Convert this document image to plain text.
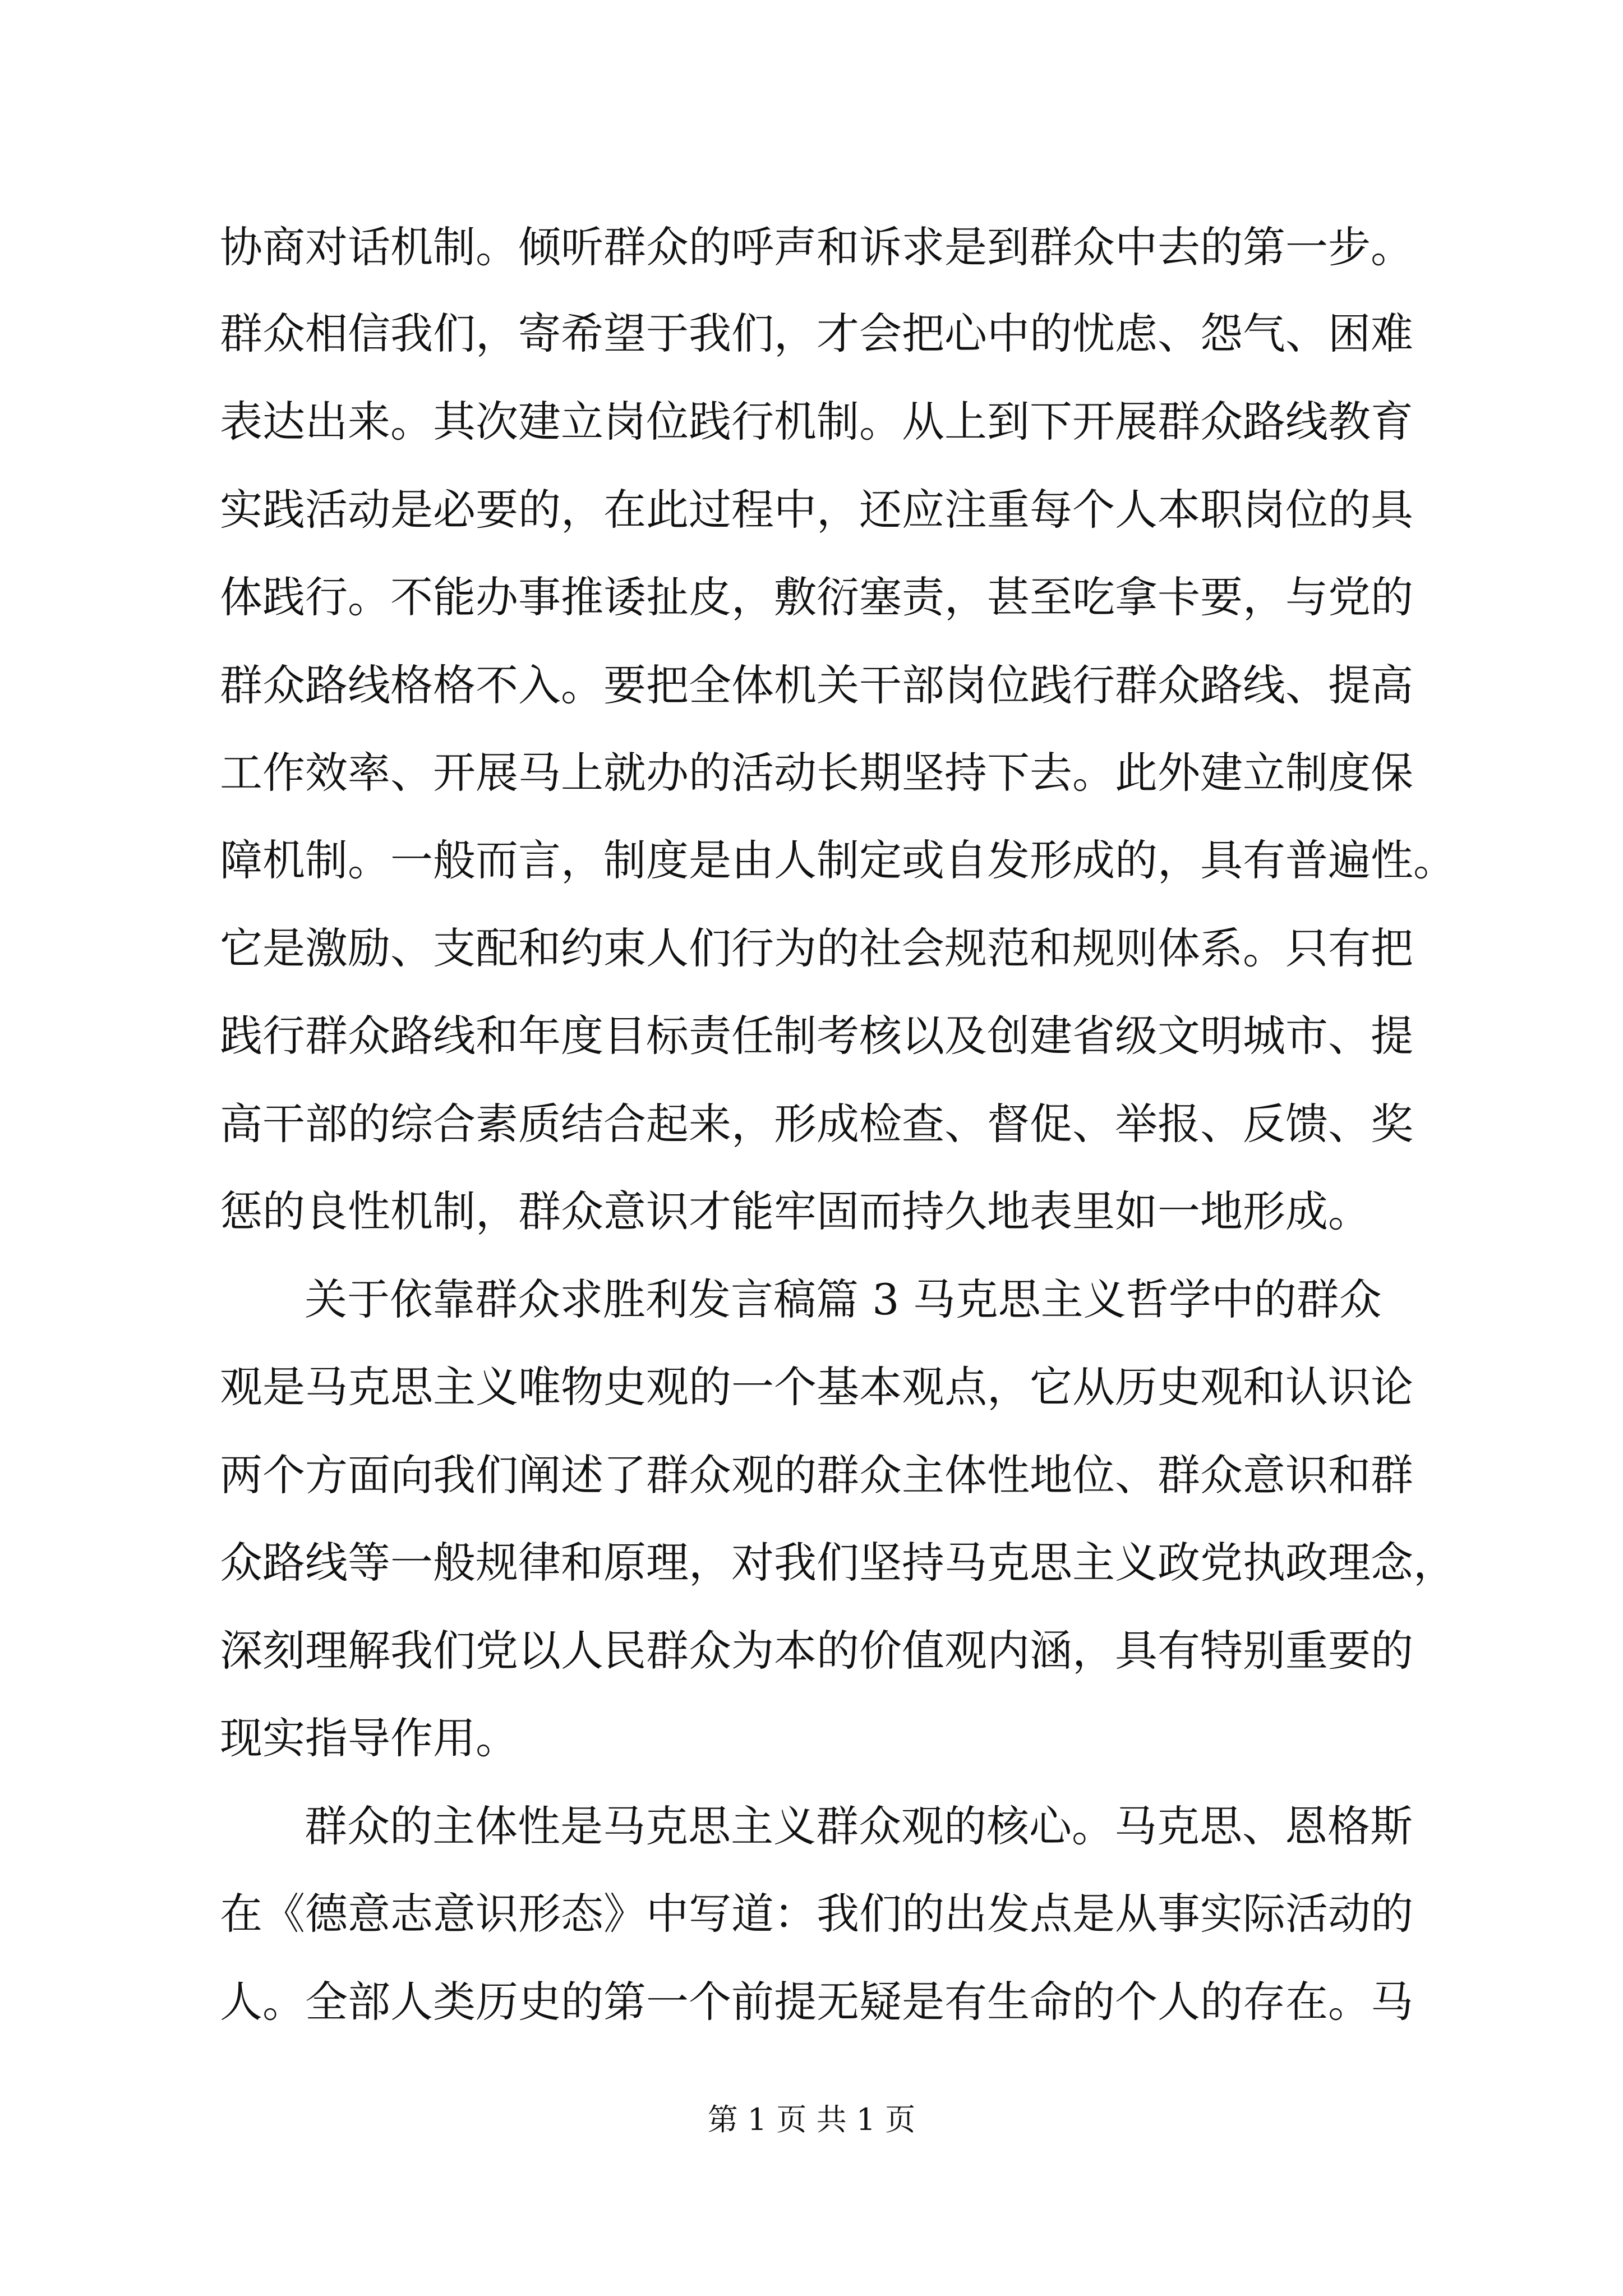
协商对话机制。倾听群众的呼声和诉求是到群众中去的第一步。
群众相信我们，寄希望于我们，才会把心中的忧虑、怨气、困难
表达出来。其次建立岗位践行机制。从上到下开展群众路线教育
实践活动是必要的，在此过程中，还应注重每个人本职岗位的具
体践行。不能办事推诿扯皮，敷衍塞责，甚至吃拿卡要，与党的
群众路线格格不入。要把全体机关干部岗位践行群众路线、提高
工作效率、开展马上就办的活动长期坚持下去。此外建立制度保
障机制。一般而言，制度是由人制定或自发形成的，具有普遍性。
它是激励、支配和约束人们行为的社会规范和规则体系。只有把
践行群众路线和年度目标责任制考核以及创建省级文明城市、提
高干部的综合素质结合起来，形成检查、督促、举报、反馈、奖
惩的良性机制，群众意识才能牢固而持久地表里如一地形成。
关于依靠群众求胜利发言稿篇 3 马克思主义哲学中的群众
观是马克思主义唯物史观的一个基本观点，它从历史观和认识论
两个方面向我们阐述了群众观的群众主体性地位、群众意识和群
众路线等一般规律和原理，对我们坚持马克思主义政党执政理念，
深刻理解我们党以人民群众为本的价值观内涵，具有特别重要的
现实指导作用。
群众的主体性是马克思主义群众观的核心。马克思、恩格斯
在《德意志意识形态》中写道：我们的出发点是从事实际活动的
人。全部人类历史的第一个前提无疑是有生命的个人的存在。马
第 1 页 共 1 页
